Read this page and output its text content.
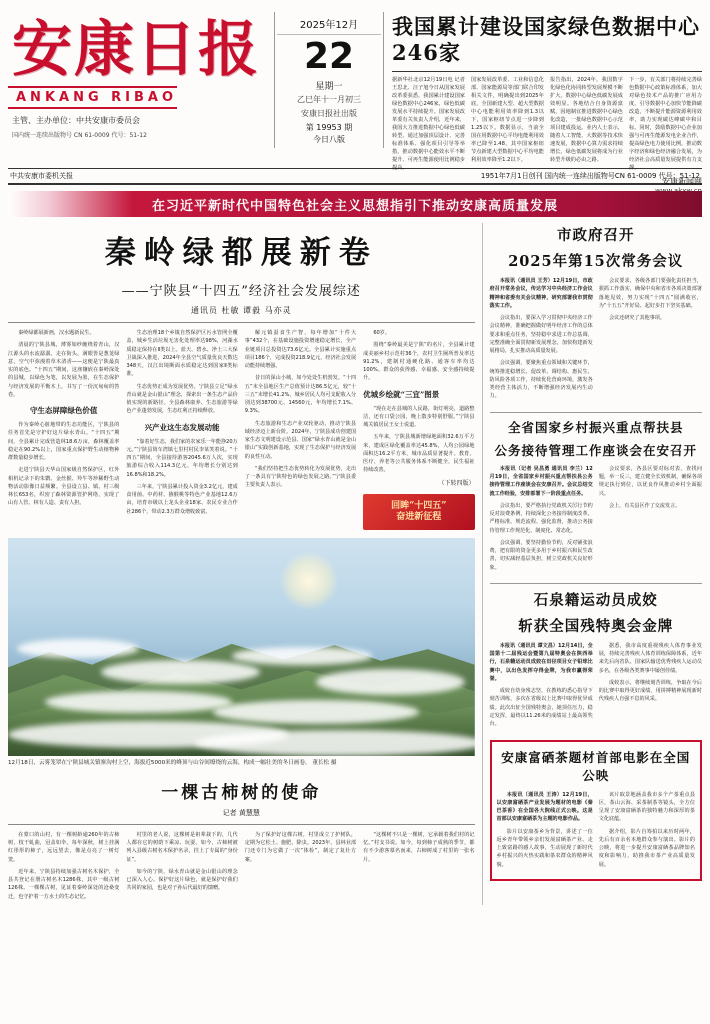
安康日报
ANKANG RIBAO
主管、主办单位：中共安康市委员会
国内统一连续出版物号 CN 61-0009 代号：51-12
2025年12月
22
星期一
乙巳年十一月初三
安康日报社出版
第 19953 期
今日八版
我国累计建设国家绿色数据中心246家
据新华社北京12月19日电 记者王思北、汪子旭今日从国家发展改革委获悉，我国累计建设国家绿色数据中心246家，绿色低碳发展水平持续提升。国家发展改革委有关负责人介绍，近年来，我国大力推进数据中心绿色低碳转型，通过加强顶层设计、完善标准体系、强化项目引导等举措，推动数据中心能效水平不断提升、可再生能源使用比例稳步提高。
国家发展改革委、工业和信息化部、国家能源局等部门联合印发相关文件，明确提出到2025年底，全国新建大型、超大型数据中心电能利用效率降到1.3以下，国家枢纽节点进一步降到1.25以下。数据显示，当前全国在用数据中心平均电能利用效率已降至1.48，其中国家枢纽节点新建大型数据中心平均电能利用效率降至1.2以下。
报告指出，2024年，我国数字化绿色化协同转型发展规模不断扩大，数据中心绿色低碳发展成效明显。各地结合自身资源禀赋，因地制宜推进数据中心绿色化改造，一批绿色数据中心示范项目建成投运。业内人士表示，随着人工智能、大数据等技术快速发展，数据中心算力需求持续增长，绿色低碳发展将成为行业转型升级的必由之路。
下一步，有关部门将持续完善绿色数据中心政策标准体系，加大对绿色技术产品的推广应用力度，引导数据中心加快节能降碳改造，不断提升能源资源利用效率，助力实现碳达峰碳中和目标。同时，鼓励数据中心企业加强与可再生能源发电企业合作，提高绿色电力使用比例，推动数字经济和绿色经济融合发展，为经济社会高质量发展提供有力支撑。
安康新闻网
中共安康市委机关报	1951年7月1日创刊 国内统一连续出版物号CN 61-0009 代号：51-12
在习近平新时代中国特色社会主义思想指引下推动安康高质量发展
秦岭绿都展新卷
——宁陕县“十四五”经济社会发展综述
通讯员 杜敏 谭毅 马亦灵

秦岭绿都展新画，汉水题新民生。

清晨的宁陕县城，薄雾如纱缠绕着青山，汉江源头的水流潺潺。走在街头，满眼皆是葱茏绿意，空气中弥漫着草木清香——这便是宁陕最真实的底色。“十四五”期间，这座镶嵌在秦岭深处的县城，以绿色为笔，以发展为墨，在生态保护与经济发展的平衡木上，书写了一份沉甸甸的答卷。

守生态屏障绿色价值

作为秦岭心脏地带的生态功能区，宁陕县的任务首先是守护好这片绿水青山。“十四五”期间，全县累计完成营造林18.6万亩，森林覆盖率稳定在90.2%以上，国家重点保护野生动植物种群数量稳步增长。

走进宁陕县天华山国家级自然保护区，红外相机记录下的朱鹮、金丝猴、羚牛等珍稀野生动物活动影像日益频繁。全县设立县、镇、村三级林长653名，织密了森林资源管护网络，实现了山有人管、林有人造、责有人担。

生态治理18个乡镇自然保护区污水管网全覆盖，城乡生活垃圾无害化处理率达98%，河湖水质稳定保持在Ⅱ类以上。蓝天、碧水、净土三大保卫战深入推进，2024年全县空气质量优良天数达348天，汉江出境断面水质稳定达到国家Ⅱ类标准。

生态优势正成为发展优势。宁陕县立足“绿水青山就是金山银山”理念，探索出一条生态产品价值实现的新路径。全县森林康养、生态旅游等绿色产业蓬勃发展，生态红利正持续释放。

兴产业这生态发展动能

“靠着好生态，我们家的农家乐一年能挣20万元。”宁陕县筒车湾镇七里村村民李某笑着说。“十四五”期间，全县接待游客2045.6万人次，实现旅游综合收入114.3亿元，年均增长分别达到16.8%和18.2%。

三年来，宁陕县累计投入资金3.2亿元，建成食用菌、中药材、猕猴桃等特色产业基地12.6万亩，培育市级以上龙头企业18家、农民专业合作社286个，带动2.3万群众增收致富。

解元镇蚕食生产智，每年增加“十件大事”432个，在基础设施投资增速稳定增长，全产业链项目总投资达73.6亿元。全县累计实施重点项目186个，完成投资218.9亿元，经济社会发展动能持续增强。

昔日的深山小城，如今处处生机勃发。“十四五”末全县地区生产总值预计达86.5亿元，较“十三五”末增长41.2%，城乡居民人均可支配收入分别达到38700元、14560元，年均增长7.1%、9.3%。

生态旅游和生态产业双轮驱动，推动宁陕县域经济迈上新台阶。2024年，宁陕县成功创建国家生态文明建设示范县、国家“绿水青山就是金山银山”实践创新基地，实现了生态保护与经济发展的良性互动。

“我们坚持把生态优势转化为发展优势，走出了一条具有宁陕特色的绿色发展之路。”宁陕县委主要负责人表示。

60岁。

围绕“秦岭最美是宁陕”的名片，全县累计建成美丽乡村示范村36个，农村卫生厕所普及率达91.2%，建制村通硬化路、通客车率均达100%。群众的获得感、幸福感、安全感持续提升。

优城乡绘就“三宜”图景

“现在走在县城的人民路，街灯明亮，道路整洁，还有口袋公园，晚上散步特别舒服。”宁陕县城关镇居民王女士说道。

五年来，宁陕县城新增绿地面积32.6万平方米，建成区绿化覆盖率达45.8%，人均公园绿地面积达16.2平方米，城市品质显著提升。教育、医疗、养老等公共服务体系不断健全，民生福祉持续改善。

（下转四版）
回眸“十四五”
奋进新征程
12月18日，云雾笼罩在宁陕县城关镇寨沟村上空，海拔近5000米的峰顶与山谷间缭绕的云海，构成一幅壮美的冬日画卷。 董长松 摄
一棵古柿树的使命
记者 黄慧慧

在蒙口的山村，有一棵树龄逾260年的古柿树，枝干虬曲，冠盖如伞。每年深秋，树上挂满红彤彤的柿子，远远望去，像是点亮了一树灯笼。

近年来，宁陕县持续加强古树名木保护，全县共登记在册古树名木1286株，其中一级古树126株。一棵棵古树，见证着秦岭深处的沧桑变迁，也守护着一方水土的生态记忆。

村里的老人说，这棵树是祖辈栽下的，几代人都在它的树荫下乘凉、玩耍。如今，古柿树被列入县级古树名木保护名录，挂上了专属的“身份证”。

如今的宁陕，绿水青山就是金山银山的理念已深入人心。保护好这片绿色，就是保护好我们共同的家园，也是对子孙后代最好的馈赠。

为了保护好这棵古树，村里成立了护树队，定期为它松土、施肥、除虫。2023年，县林业部门还专门为它做了一次“体检”，制定了复壮方案。

“这棵树不只是一棵树，它承载着我们村的记忆。”村支书说。如今，每到柿子成熟的季节，都有不少游客慕名而来，古柿树成了村里的一张名片。

市政府召开
2025年第15次常务会议

本报讯（通讯员 王芳）12月19日，市政府召开常务会议，传达学习中央经济工作会议精神和省委有关会议精神，研究部署我市贯彻落实工作。

会议指出，要深入学习贯彻中央经济工作会议精神，准确把握做好明年经济工作的总体要求和重点任务，坚持稳中求进工作总基调，完整准确全面贯彻新发展理念，加快构建新发展格局，扎实推动高质量发展。

会议强调，要聚焦重点领域和关键环节，统筹推进稳增长、促改革、调结构、惠民生、防风险各项工作，持续优化营商环境，激发各类经营主体活力，不断增强经济发展内生动力。

会议要求，各级各部门要强化责任担当，狠抓工作落实，确保中央和省市各项决策部署落地见效，努力实现“十四五”圆满收官，为“十五五”开好局、起好步打下坚实基础。

会议还研究了其他事项。

全省国家乡村振兴重点帮扶县
公务接待管理工作座谈会在安召开

本报讯（记者 吴昌勇 通讯员 李兰）12月19日，全省国家乡村振兴重点帮扶县公务接待管理工作座谈会在安康召开。会议总结交流工作经验，安排部署下一阶段重点任务。

会议指出，要严格执行党政机关厉行节约反对浪费条例，持续深化公务接待制度改革，严格标准、规范流程、强化监督，推动公务接待管理工作规范化、制度化、常态化。

会议强调，要坚持勤俭节约，反对铺张浪费，把有限的资金更多用于乡村振兴和民生改善，切实减轻基层负担，树立党政机关良好形象。

会议要求，各县区要对标对表，查找问题，举一反三，建立健全长效机制，确保各项规定执行到位，以优良作风推动乡村全面振兴。

会上，有关县区作了交流发言。

石泉籍运动员成姣
斩获全国残特奥会金牌

本报讯（通讯员 谭文昌）12月14日，全国第十二届残运会暨第九届特奥会在陕西举行，石泉籍运动员成姣在田径项目女子铅球比赛中，以出色发挥夺得金牌，为我市赢得荣誉。

成姣自幼身残志坚，在教练的悉心指导下刻苦训练，多次在省级以上比赛中取得优异成绩。此次出征全国残特奥会，她顶住压力，稳定发挥，最终以11.26米的成绩站上最高领奖台。

据悉，我市高度重视残疾人体育事业发展，持续完善残疾人体育训练保障体系，近年来先后向省队、国家队输送优秀残疾人运动员多名，在各级各类赛事中屡创佳绩。

成姣表示，将继续刻苦训练，争取在今后的比赛中取得更好成绩，用拼搏精神展现新时代残疾人自强不息的风采。

安康富硒茶题材首部电影在全国公映

本报讯（通讯员 王涛）12月19日，以安康富硒茶产业发展为题材的电影《秦巴茶香》在全国各大院线正式公映。这是首部以安康富硒茶为主题的电影作品。

影片以安康茶乡为背景，讲述了一位返乡青年带领乡亲们发展富硒茶产业、走上致富路的感人故事，生动展现了新时代乡村振兴的火热实践和茶农群众的精神风貌。

该片取景地涵盖我市多个产茶重点县区，茶山云海、采茶制茶等镜头，全方位呈现了安康富硒茶的独特魅力和深厚的茶文化底蕴。

据介绍，影片自筹拍以来历时两年，先后有百余名本地群众参与演出。影片的公映，将进一步提升安康富硒茶品牌知名度和影响力，助推我市茶产业高质量发展。
